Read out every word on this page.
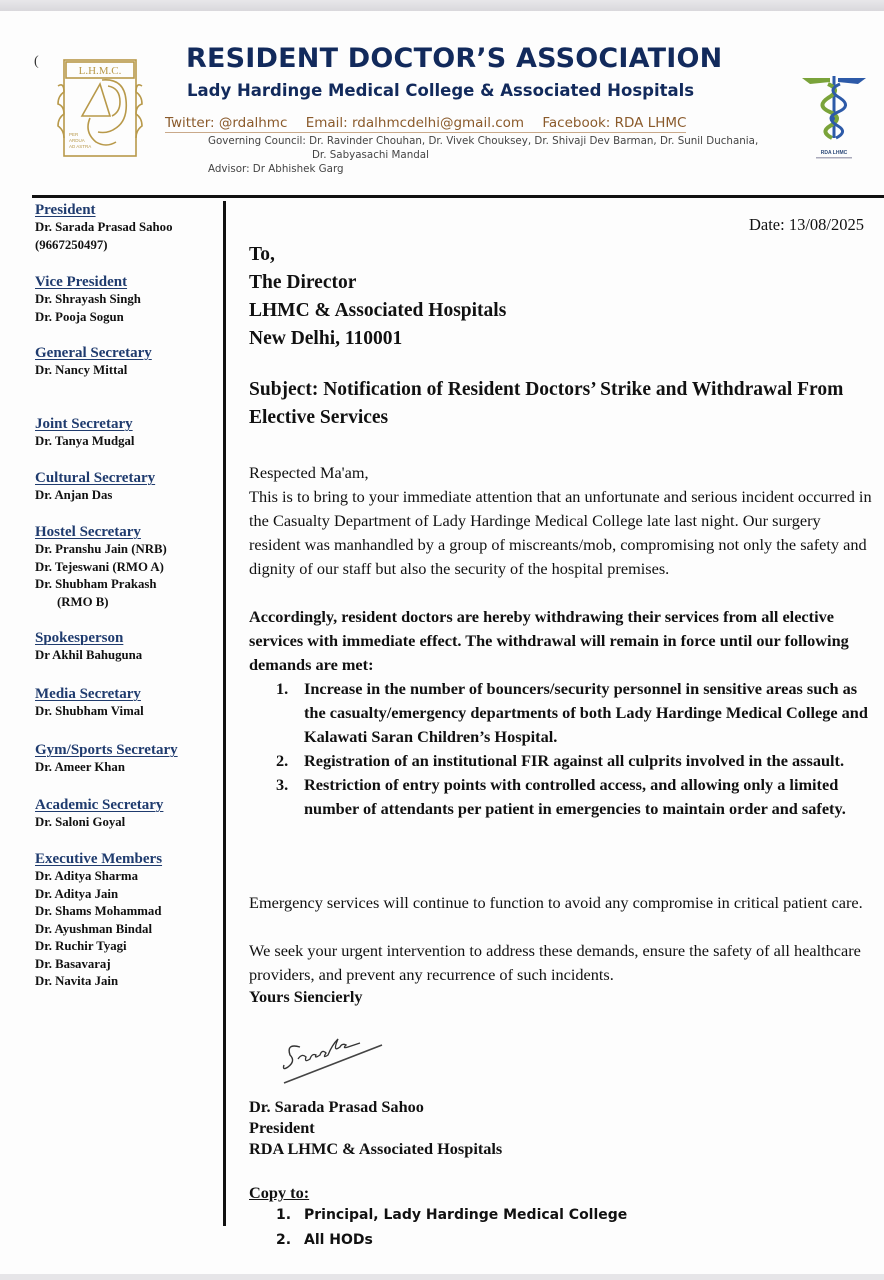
(
L.H.M.C.
PER
ARDUA
AD ASTRA
RESIDENT DOCTOR’S ASSOCIATION
Lady Hardinge Medical College & Associated Hospitals
Twitter: @rdalhmc Email: rdalhmcdelhi@gmail.com Facebook: RDA LHMC
Governing Council: Dr. Ravinder Chouhan, Dr. Vivek Chouksey, Dr. Shivaji Dev Barman, Dr. Sunil Duchania,
Dr. Sabyasachi Mandal
Advisor: Dr Abhishek Garg
RDA LHMC
President
Dr. Sarada Prasad Sahoo
(9667250497)
Vice President
Dr. Shrayash Singh
Dr. Pooja Sogun
General Secretary
Dr. Nancy Mittal
Joint Secretary
Dr. Tanya Mudgal
Cultural Secretary
Dr. Anjan Das
Hostel Secretary
Dr. Pranshu Jain (NRB)
Dr. Tejeswani (RMO A)
Dr. Shubham Prakash
(RMO B)
Spokesperson
Dr Akhil Bahuguna
Media Secretary
Dr. Shubham Vimal
Gym/Sports Secretary
Dr. Ameer Khan
Academic Secretary
Dr. Saloni Goyal
Executive Members
Dr. Aditya Sharma
Dr. Aditya Jain
Dr. Shams Mohammad
Dr. Ayushman Bindal
Dr. Ruchir Tyagi
Dr. Basavaraj
Dr. Navita Jain
Date: 13/08/2025
To,
The Director
LHMC & Associated Hospitals
New Delhi, 110001
Subject: Notification of Resident Doctors’ Strike and Withdrawal From Elective Services
Respected Ma'am,
This is to bring to your immediate attention that an unfortunate and serious incident occurred in the Casualty Department of Lady Hardinge Medical College late last night. Our surgery resident was manhandled by a group of miscreants/mob, compromising not only the safety and dignity of our staff but also the security of the hospital premises.
Accordingly, resident doctors are hereby withdrawing their services from all elective services with immediate effect. The withdrawal will remain in force until our following demands are met:
1. Increase in the number of bouncers/security personnel in sensitive areas such as the casualty/emergency departments of both Lady Hardinge Medical College and Kalawati Saran Children’s Hospital.
2. Registration of an institutional FIR against all culprits involved in the assault.
3. Restriction of entry points with controlled access, and allowing only a limited number of attendants per patient in emergencies to maintain order and safety.
Emergency services will continue to function to avoid any compromise in critical patient care.
We seek your urgent intervention to address these demands, ensure the safety of all healthcare providers, and prevent any recurrence of such incidents.
Yours Siencierly
Dr. Sarada Prasad Sahoo
President
RDA LHMC & Associated Hospitals
Copy to:
1. Principal, Lady Hardinge Medical College
2. All HODs
